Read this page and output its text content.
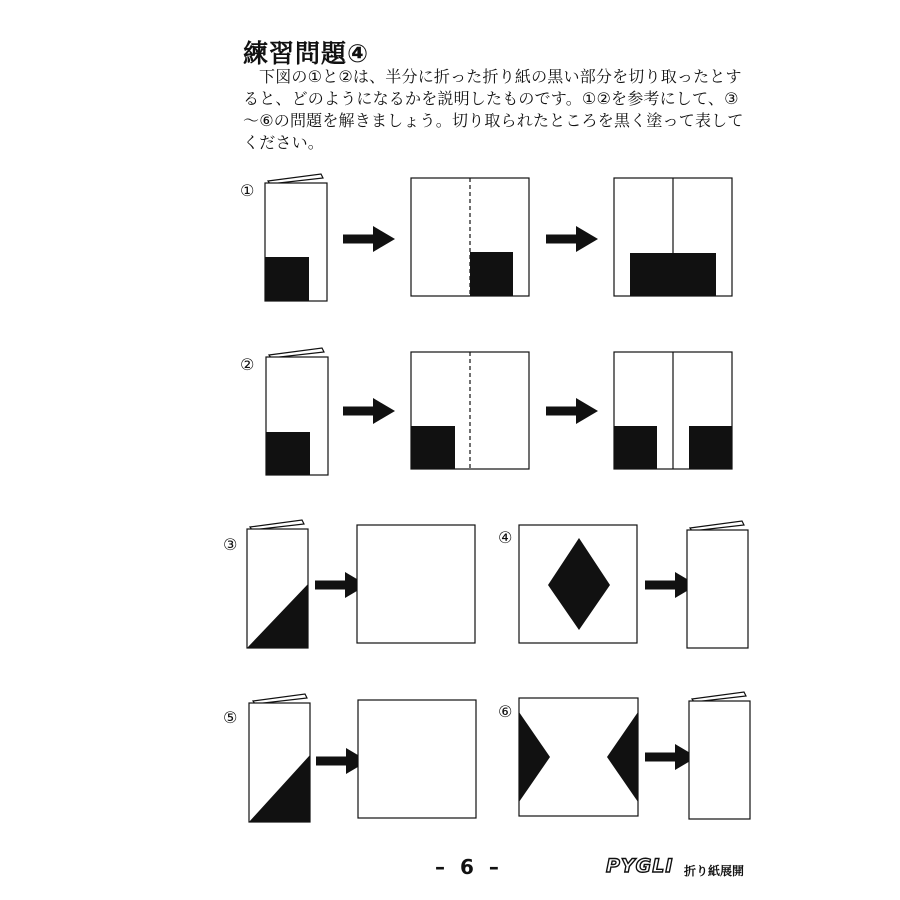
練習問題④
下図の①と②は、半分に折った折り紙の黒い部分を切り取ったとすると、どのようになるかを説明したものです。①②を参考にして、③～⑥の問題を解きましょう。切り取られたところを黒く塗って表してください。
①
②
③	④
⑤	⑥
– 6 –	PYGLI 折り紙展開
